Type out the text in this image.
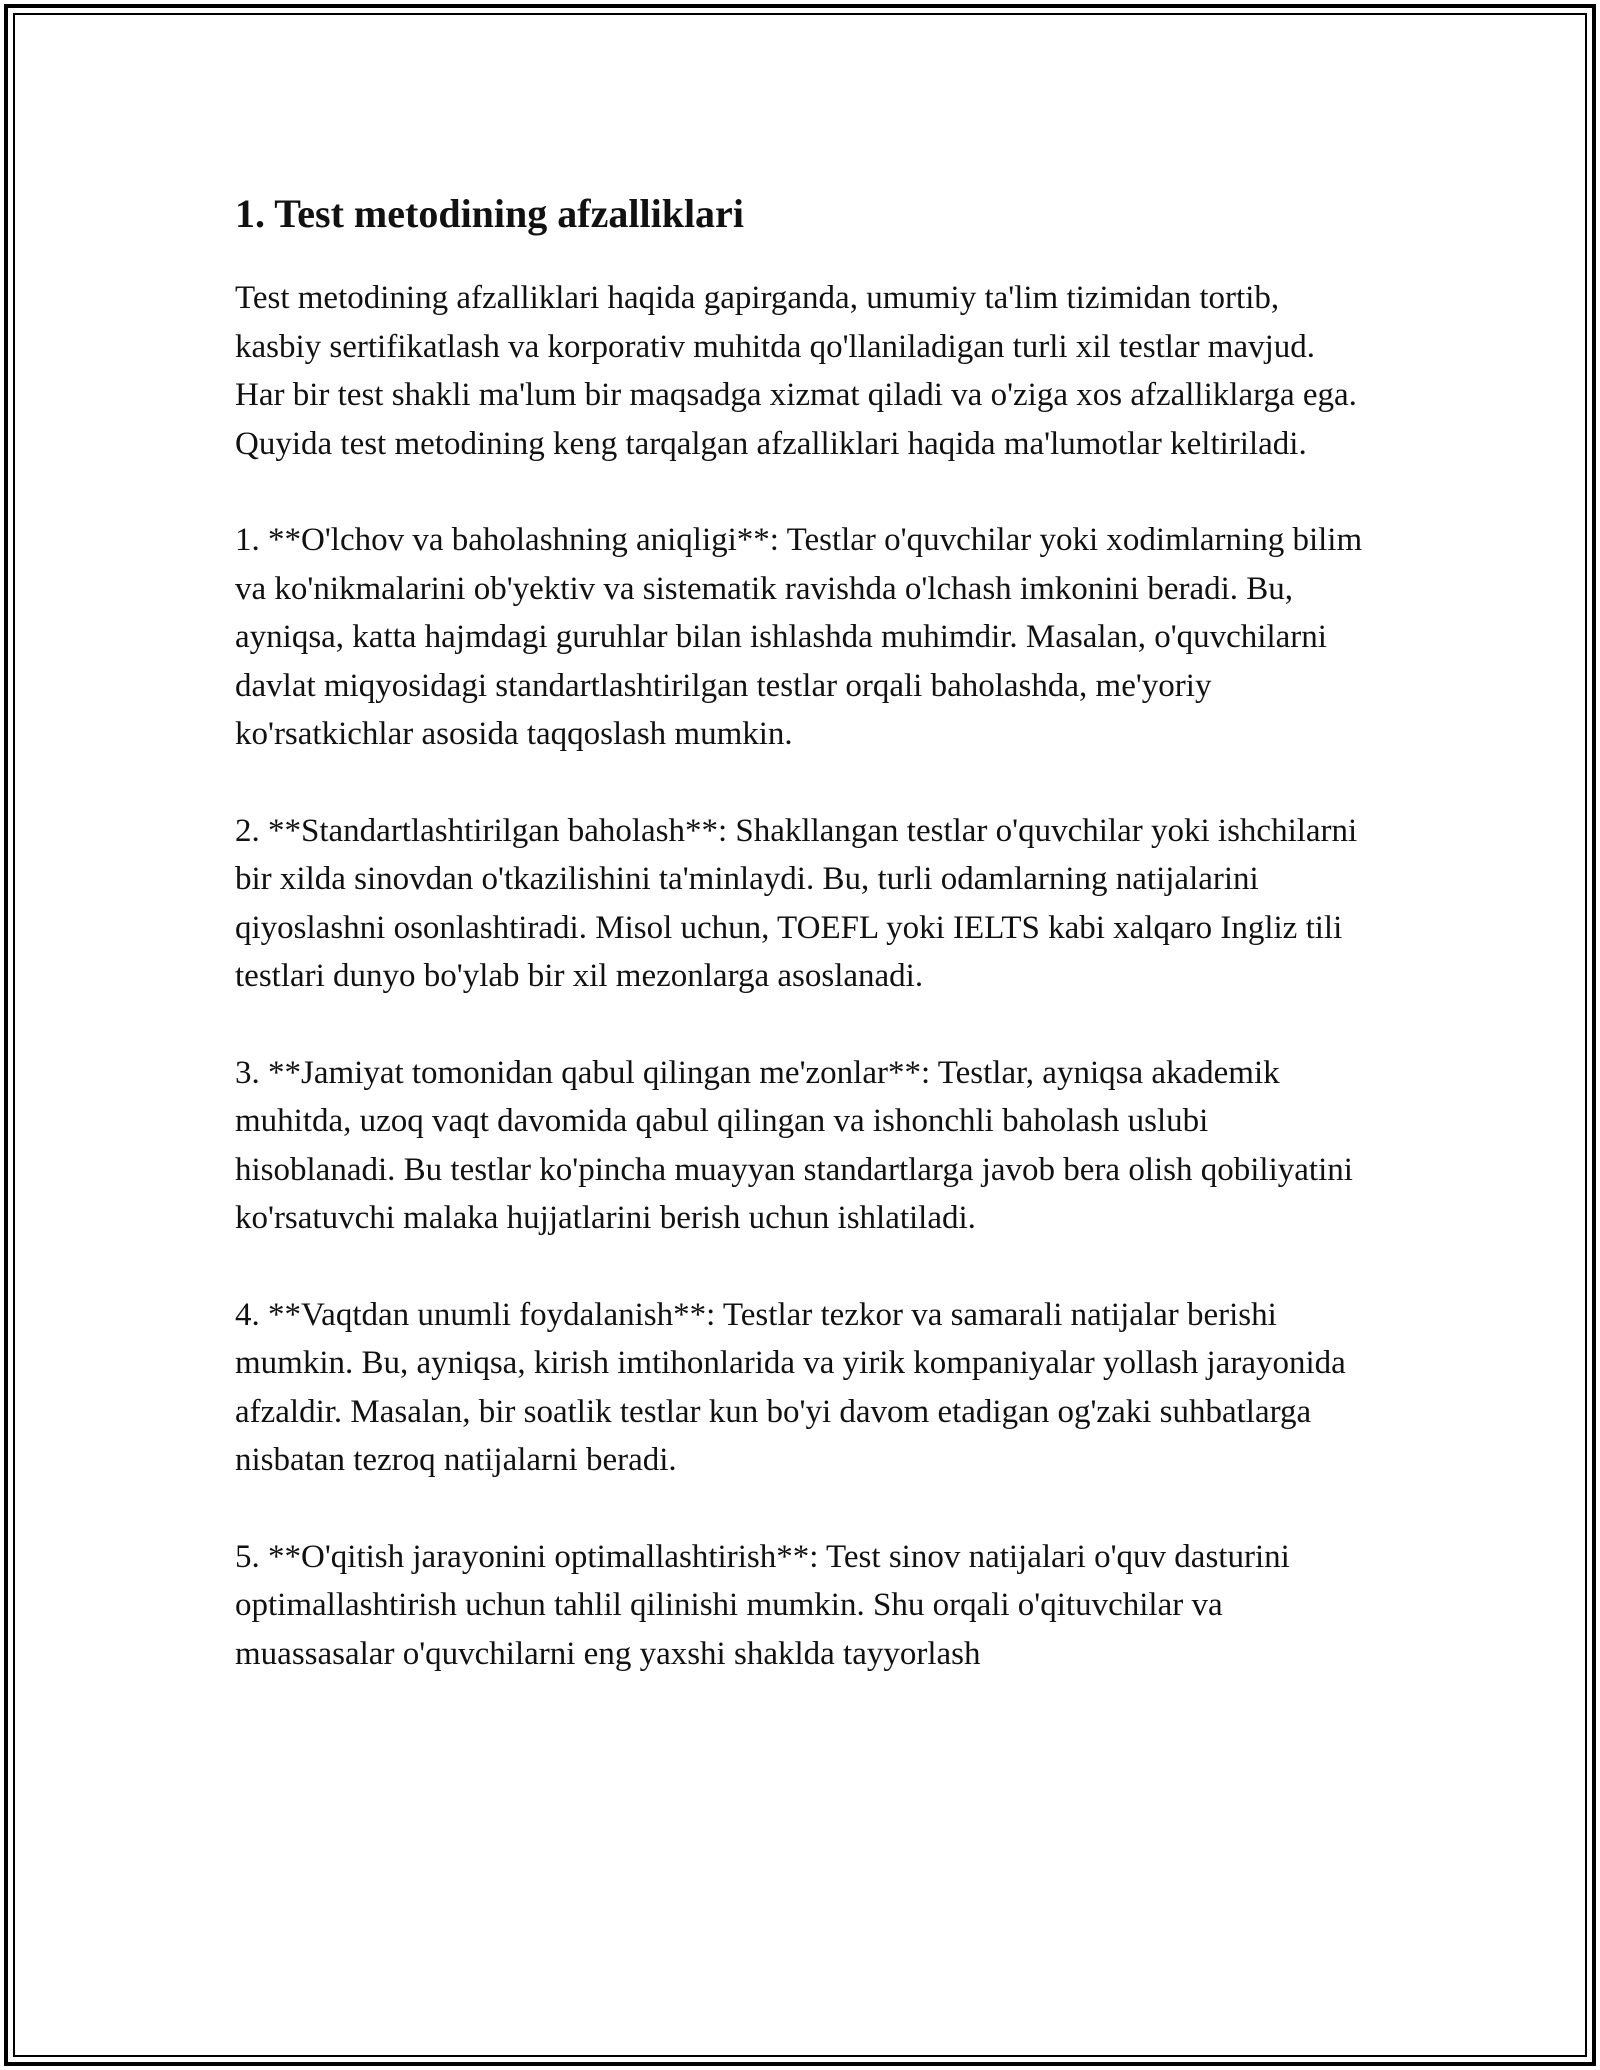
1. Test metodining afzalliklari

Test metodining afzalliklari haqida gapirganda, umumiy ta'lim tizimidan tortib, kasbiy sertifikatlash va korporativ muhitda qo'llaniladigan turli xil testlar mavjud. Har bir test shakli ma'lum bir maqsadga xizmat qiladi va o'ziga xos afzalliklarga ega. Quyida test metodining keng tarqalgan afzalliklari haqida ma'lumotlar keltiriladi.

1. **O'lchov va baholashning aniqligi**: Testlar o'quvchilar yoki xodimlarning bilim va ko'nikmalarini ob'yektiv va sistematik ravishda o'lchash imkonini beradi. Bu, ayniqsa, katta hajmdagi guruhlar bilan ishlashda muhimdir. Masalan, o'quvchilarni davlat miqyosidagi standartlashtirilgan testlar orqali baholashda, me'yoriy ko'rsatkichlar asosida taqqoslash mumkin.

2. **Standartlashtirilgan baholash**: Shakllangan testlar o'quvchilar yoki ishchilarni bir xilda sinovdan o'tkazilishini ta'minlaydi. Bu, turli odamlarning natijalarini qiyoslashni osonlashtiradi. Misol uchun, TOEFL yoki IELTS kabi xalqaro Ingliz tili testlari dunyo bo'ylab bir xil mezonlarga asoslanadi.

3. **Jamiyat tomonidan qabul qilingan me'zonlar**: Testlar, ayniqsa akademik muhitda, uzoq vaqt davomida qabul qilingan va ishonchli baholash uslubi hisoblanadi. Bu testlar ko'pincha muayyan standartlarga javob bera olish qobiliyatini ko'rsatuvchi malaka hujjatlarini berish uchun ishlatiladi.

4. **Vaqtdan unumli foydalanish**: Testlar tezkor va samarali natijalar berishi mumkin. Bu, ayniqsa, kirish imtihonlarida va yirik kompaniyalar yollash jarayonida afzaldir. Masalan, bir soatlik testlar kun bo'yi davom etadigan og'zaki suhbatlarga nisbatan tezroq natijalarni beradi.

5. **O'qitish jarayonini optimallashtirish**: Test sinov natijalari o'quv dasturini optimallashtirish uchun tahlil qilinishi mumkin. Shu orqali o'qituvchilar va muassasalar o'quvchilarni eng yaxshi shaklda tayyorlash
